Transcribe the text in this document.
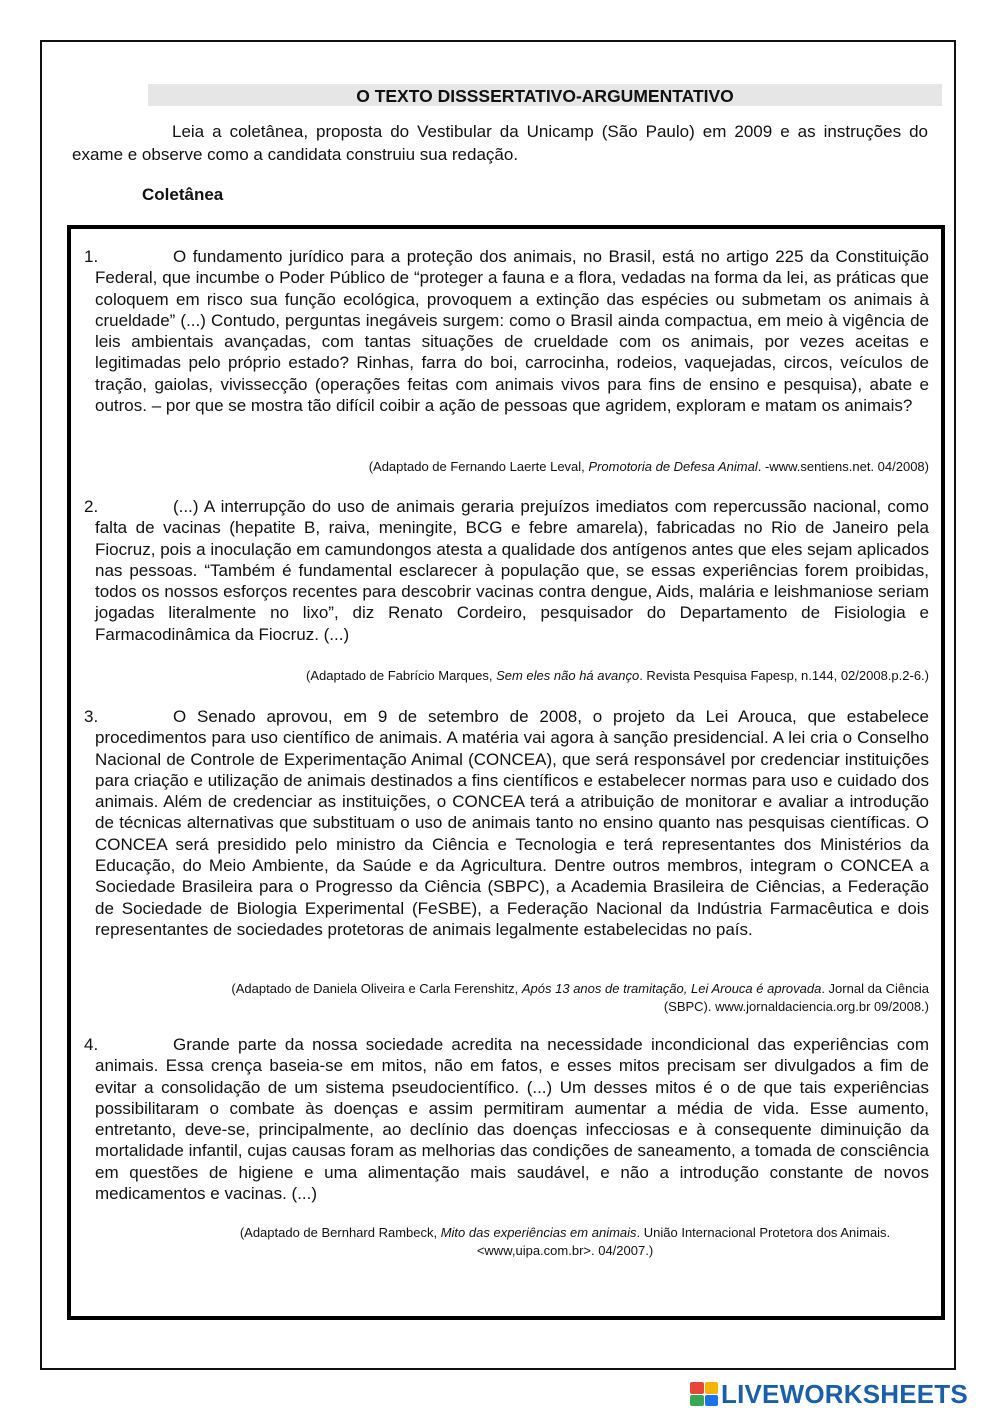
O TEXTO DISSSERTATIVO-ARGUMENTATIVO

Leia a coletânea, proposta do Vestibular da Unicamp (São Paulo) em 2009 e as instruções do exame e observe como a candidata construiu sua redação.

Coletânea

1.	O fundamento jurídico para a proteção dos animais, no Brasil, está no artigo 225 da Constituição Federal, que incumbe o Poder Público de “proteger a fauna e a flora, vedadas na forma da lei, as práticas que coloquem em risco sua função ecológica, provoquem a extinção das espécies ou submetam os animais à crueldade” (...) Contudo, perguntas inegáveis surgem: como o Brasil ainda compactua, em meio à vigência de leis ambientais avançadas, com tantas situações de crueldade com os animais, por vezes aceitas e legitimadas pelo próprio estado? Rinhas, farra do boi, carrocinha, rodeios, vaquejadas, circos, veículos de tração, gaiolas, vivissecção (operações feitas com animais vivos para fins de ensino e pesquisa), abate e outros. – por que se mostra tão difícil coibir a ação de pessoas que agridem, exploram e matam os animais?

(Adaptado de Fernando Laerte Leval, Promotoria de Defesa Animal. -www.sentiens.net. 04/2008)

2.	(...) A interrupção do uso de animais geraria prejuízos imediatos com repercussão nacional, como falta de vacinas (hepatite B, raiva, meningite, BCG e febre amarela), fabricadas no Rio de Janeiro pela Fiocruz, pois a inoculação em camundongos atesta a qualidade dos antígenos antes que eles sejam aplicados nas pessoas. “Também é fundamental esclarecer à população que, se essas experiências forem proibidas, todos os nossos esforços recentes para descobrir vacinas contra dengue, Aids, malária e leishmaniose seriam jogadas literalmente no lixo”, diz Renato Cordeiro, pesquisador do Departamento de Fisiologia e Farmacodinâmica da Fiocruz. (...)

(Adaptado de Fabrício Marques, Sem eles não há avanço. Revista Pesquisa Fapesp, n.144, 02/2008.p.2-6.)

3.	O Senado aprovou, em 9 de setembro de 2008, o projeto da Lei Arouca, que estabelece procedimentos para uso científico de animais. A matéria vai agora à sanção presidencial. A lei cria o Conselho Nacional de Controle de Experimentação Animal (CONCEA), que será responsável por credenciar instituições para criação e utilização de animais destinados a fins científicos e estabelecer normas para uso e cuidado dos animais. Além de credenciar as instituições, o CONCEA terá a atribuição de monitorar e avaliar a introdução de técnicas alternativas que substituam o uso de animais tanto no ensino quanto nas pesquisas científicas. O CONCEA será presidido pelo ministro da Ciência e Tecnologia e terá representantes dos Ministérios da Educação, do Meio Ambiente, da Saúde e da Agricultura. Dentre outros membros, integram o CONCEA a Sociedade Brasileira para o Progresso da Ciência (SBPC), a Academia Brasileira de Ciências, a Federação de Sociedade de Biologia Experimental (FeSBE), a Federação Nacional da Indústria Farmacêutica e dois representantes de sociedades protetoras de animais legalmente estabelecidas no país.

(Adaptado de Daniela Oliveira e Carla Ferenshitz, Após 13 anos de tramitação, Lei Arouca é aprovada. Jornal da Ciência (SBPC). www.jornaldaciencia.org.br 09/2008.)

4.	Grande parte da nossa sociedade acredita na necessidade incondicional das experiências com animais. Essa crença baseia-se em mitos, não em fatos, e esses mitos precisam ser divulgados a fim de evitar a consolidação de um sistema pseudocientífico. (...) Um desses mitos é o de que tais experiências possibilitaram o combate às doenças e assim permitiram aumentar a média de vida. Esse aumento, entretanto, deve-se, principalmente, ao declínio das doenças infecciosas e à consequente diminuição da mortalidade infantil, cujas causas foram as melhorias das condições de saneamento, a tomada de consciência em questões de higiene e uma alimentação mais saudável, e não a introdução constante de novos medicamentos e vacinas. (...)

(Adaptado de Bernhard Rambeck, Mito das experiências em animais. União Internacional Protetora dos Animais. <www,uipa.com.br>. 04/2007.)

LIVEWORKSHEETS
